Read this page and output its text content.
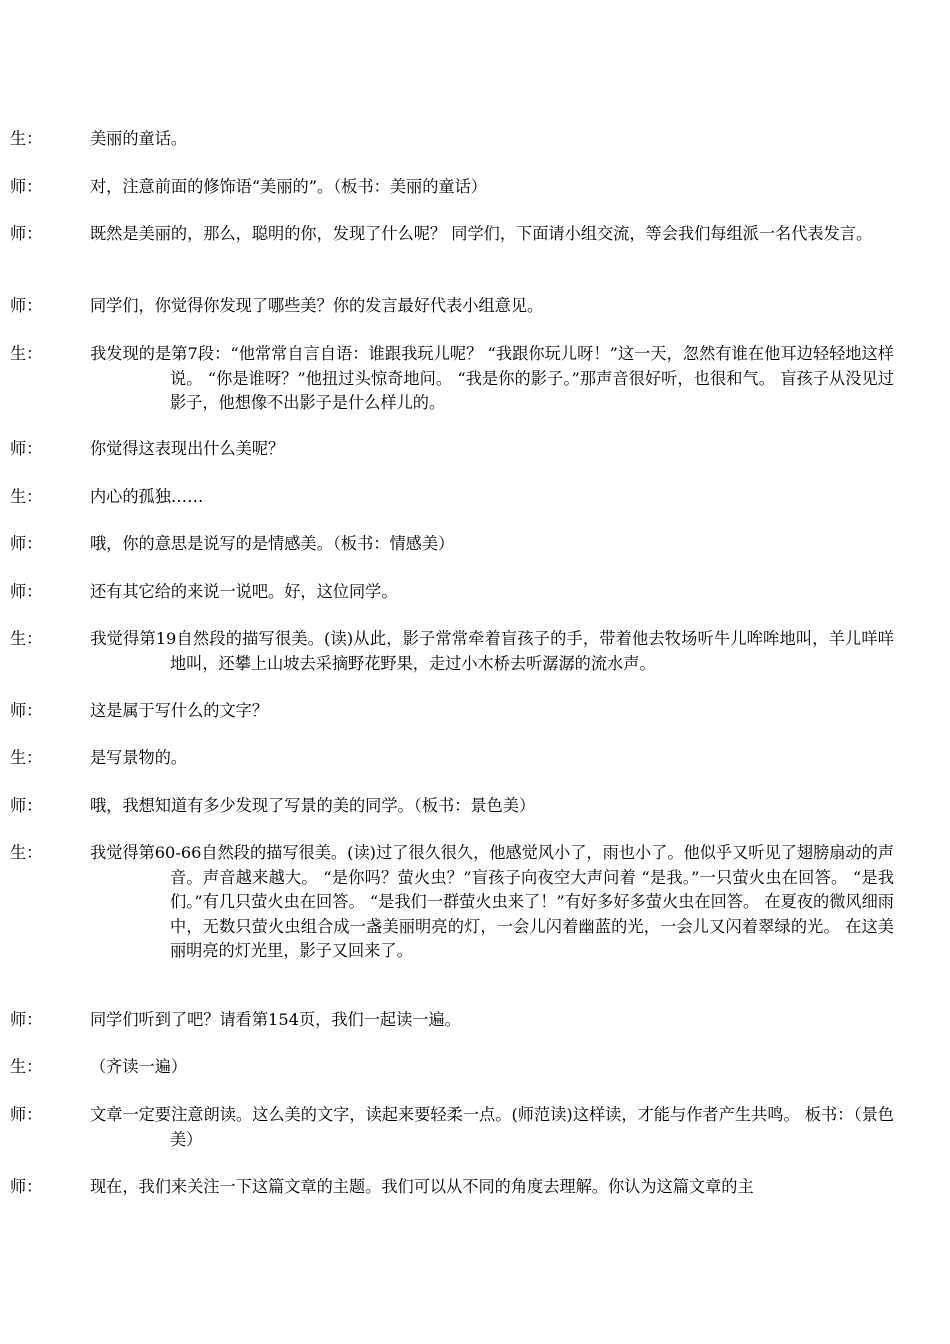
生：	美丽的童话。

师：	对，注意前面的修饰语“美丽的”。（板书：美丽的童话）

师：	既然是美丽的，那么，聪明的你，发现了什么呢？ 同学们，下面请小组交流，等会我们每组派一名代表发言。

师：	同学们，你觉得你发现了哪些美？你的发言最好代表小组意见。

生：	我发现的是第7段：“他常常自言自语：谁跟我玩儿呢？ “我跟你玩儿呀！”这一天，忽然有谁在他耳边轻轻地这样说。 “你是谁呀？”他扭过头惊奇地问。 “我是你的影子。”那声音很好听，也很和气。 盲孩子从没见过影子，他想像不出影子是什么样儿的。

师：	你觉得这表现出什么美呢？

生：	内心的孤独……

师：	哦，你的意思是说写的是情感美。（板书：情感美）

师：	还有其它给的来说一说吧。好，这位同学。

生：	我觉得第19自然段的描写很美。(读)从此，影子常常牵着盲孩子的手，带着他去牧场听牛儿哞哞地叫，羊儿咩咩地叫，还攀上山坡去采摘野花野果，走过小木桥去听潺潺的流水声。

师：	这是属于写什么的文字？

生：	是写景物的。

师：	哦，我想知道有多少发现了写景的美的同学。（板书：景色美）

生：	我觉得第60-66自然段的描写很美。(读)过了很久很久，他感觉风小了，雨也小了。他似乎又听见了翅膀扇动的声音。声音越来越大。 “是你吗？萤火虫？”盲孩子向夜空大声问着 “是我。”一只萤火虫在回答。 “是我们。”有几只萤火虫在回答。 “是我们一群萤火虫来了！”有好多好多萤火虫在回答。 在夏夜的微风细雨中，无数只萤火虫组合成一盏美丽明亮的灯，一会儿闪着幽蓝的光，一会儿又闪着翠绿的光。 在这美丽明亮的灯光里，影子又回来了。

师：	同学们听到了吧？请看第154页，我们一起读一遍。

生：	（齐读一遍）

师：	文章一定要注意朗读。这么美的文字，读起来要轻柔一点。(师范读)这样读，才能与作者产生共鸣。 板书：（景色美）

师：	现在，我们来关注一下这篇文章的主题。我们可以从不同的角度去理解。你认为这篇文章的主
